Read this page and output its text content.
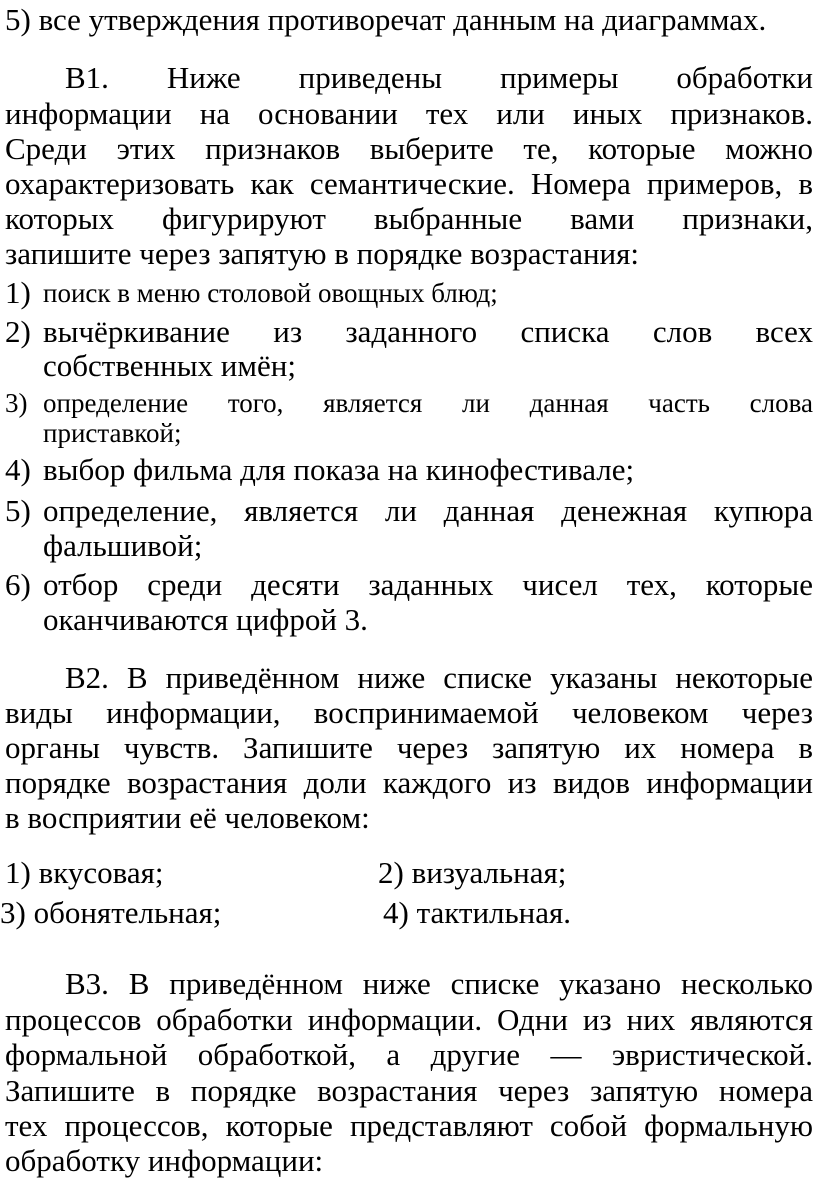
5) все утверждения противоречат данным на диаграммах.
В1. Ниже приведены примеры обработки
информации на основании тех или иных признаков.
Среди этих признаков выберите те, которые можно
охарактеризовать как семантические. Номера примеров, в
которых фигурируют выбранные вами признаки,
запишите через запятую в порядке возрастания:
1) поиск в меню столовой овощных блюд;
2) вычёркивание из заданного списка слов всех
собственных имён;
3) определение того, является ли данная часть слова
приставкой;
4) выбор фильма для показа на кинофестивале;
5) определение, является ли данная денежная купюра
фальшивой;
6) отбор среди десяти заданных чисел тех, которые
оканчиваются цифрой 3.
В2. В приведённом ниже списке указаны некоторые
виды информации, воспринимаемой человеком через
органы чувств. Запишите через запятую их номера в
порядке возрастания доли каждого из видов информации
в восприятии её человеком:
1) вкусовая;	2) визуальная;
3) обонятельная;	4) тактильная.
В3. В приведённом ниже списке указано несколько
процессов обработки информации. Одни из них являются
формальной обработкой, а другие — эвристической.
Запишите в порядке возрастания через запятую номера
тех процессов, которые представляют собой формальную
обработку информации:
